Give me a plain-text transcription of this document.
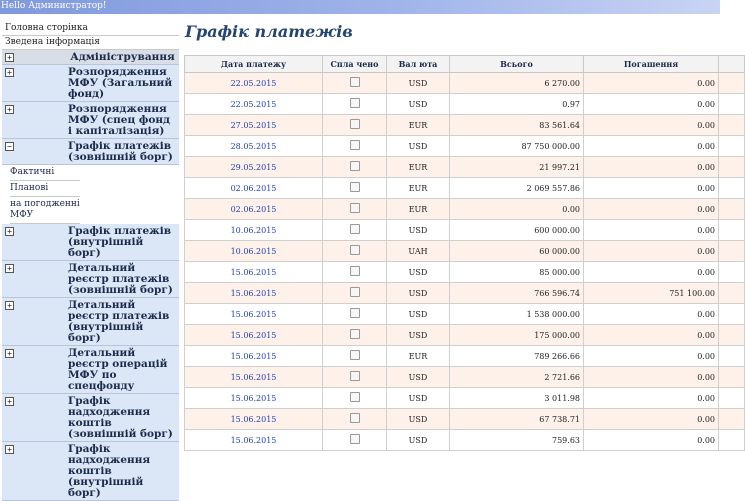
Hello Администратор!
Головна сторінка
Зведена інформація
+	Адміністрування
+	Розпорядження МФУ (Загальний фонд)
+	Розпорядження МФУ (спец фонд і капіталізація)
−	Графік платежів (зовнішній борг)
Фактичні
Планові
на погодженні МФУ
+	Графік платежів (внутрішній борг)
+	Детальний реєстр платежів (зовнішній борг)
+	Детальний реєстр платежів (внутрішній борг)
+	Детальний реєстр операцій МФУ по спецфонду
+	Графік надходження коштів (зовнішній борг)
+	Графік надходження коштів (внутрішній борг)
Графік платежів
Дата платежу	Спла чено	Вал юта	Всього	Погашення	
22.05.2015		USD	6 270.00	0.00	
22.05.2015		USD	0.97	0.00	
27.05.2015		EUR	83 561.64	0.00	
28.05.2015		USD	87 750 000.00	0.00	
29.05.2015		EUR	21 997.21	0.00	
02.06.2015		EUR	2 069 557.86	0.00	
02.06.2015		EUR	0.00	0.00	
10.06.2015		USD	600 000.00	0.00	
10.06.2015		UAH	60 000.00	0.00	
15.06.2015		USD	85 000.00	0.00	
15.06.2015		USD	766 596.74	751 100.00	
15.06.2015		USD	1 538 000.00	0.00	
15.06.2015		USD	175 000.00	0.00	
15.06.2015		EUR	789 266.66	0.00	
15.06.2015		USD	2 721.66	0.00	
15.06.2015		USD	3 011.98	0.00	
15.06.2015		USD	67 738.71	0.00	
15.06.2015		USD	759.63	0.00	
